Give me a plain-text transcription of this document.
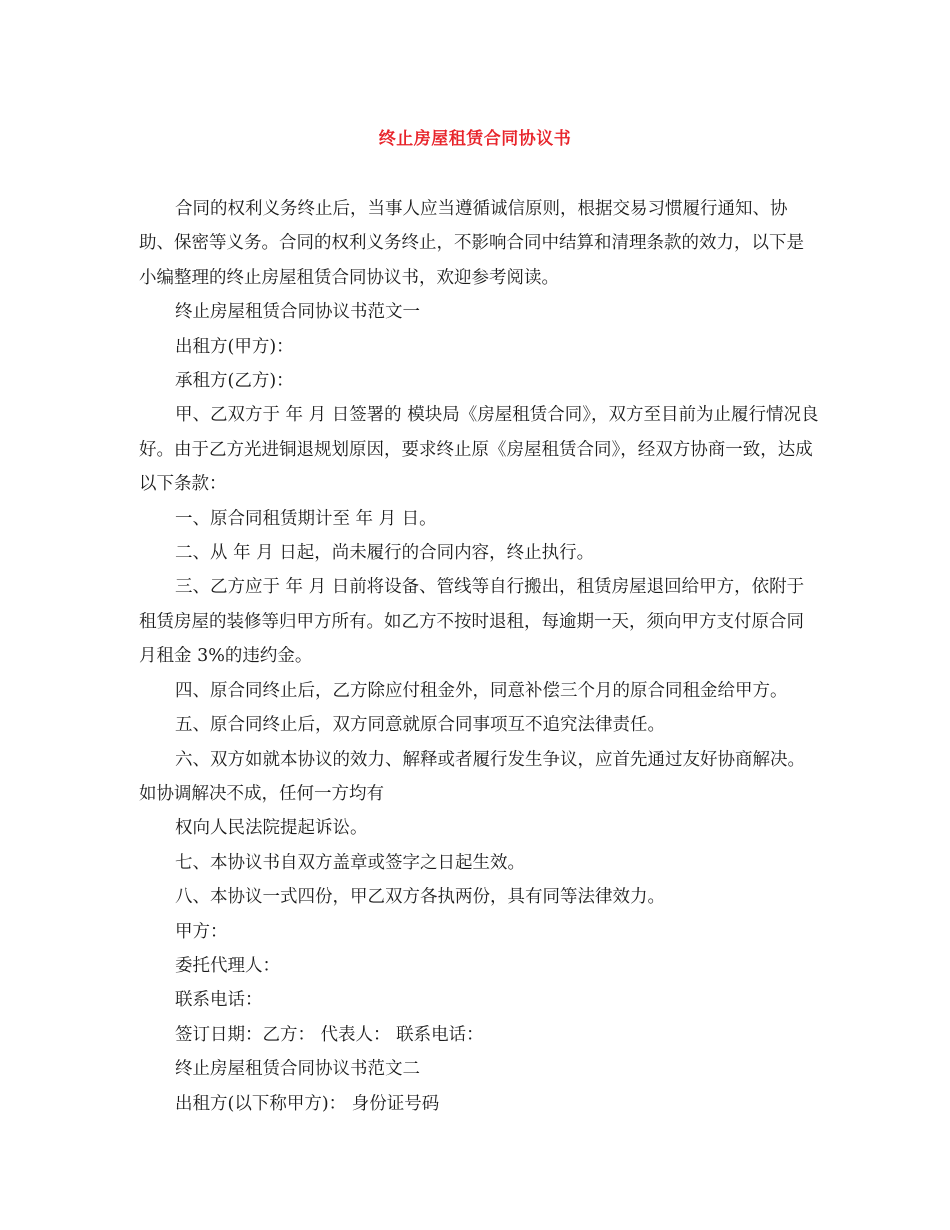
终止房屋租赁合同协议书

合同的权利义务终止后，当事人应当遵循诚信原则，根据交易习惯履行通知、协助、保密等义务。合同的权利义务终止，不影响合同中结算和清理条款的效力，以下是小编整理的终止房屋租赁合同协议书，欢迎参考阅读。

终止房屋租赁合同协议书范文一

出租方(甲方)：

承租方(乙方)：

甲、乙双方于 年 月 日签署的 模块局《房屋租赁合同》，双方至目前为止履行情况良好。由于乙方光进铜退规划原因，要求终止原《房屋租赁合同》，经双方协商一致，达成以下条款：

一、原合同租赁期计至 年 月 日。

二、从 年 月 日起，尚未履行的合同内容，终止执行。

三、乙方应于 年 月 日前将设备、管线等自行搬出，租赁房屋退回给甲方，依附于租赁房屋的装修等归甲方所有。如乙方不按时退租，每逾期一天，须向甲方支付原合同月租金 3%的违约金。

四、原合同终止后，乙方除应付租金外，同意补偿三个月的原合同租金给甲方。

五、原合同终止后，双方同意就原合同事项互不追究法律责任。

六、双方如就本协议的效力、解释或者履行发生争议，应首先通过友好协商解决。如协调解决不成，任何一方均有

权向人民法院提起诉讼。

七、本协议书自双方盖章或签字之日起生效。

八、本协议一式四份，甲乙双方各执两份，具有同等法律效力。

甲方：

委托代理人：

联系电话：

签订日期：乙方： 代表人： 联系电话：

终止房屋租赁合同协议书范文二

出租方(以下称甲方)： 身份证号码
